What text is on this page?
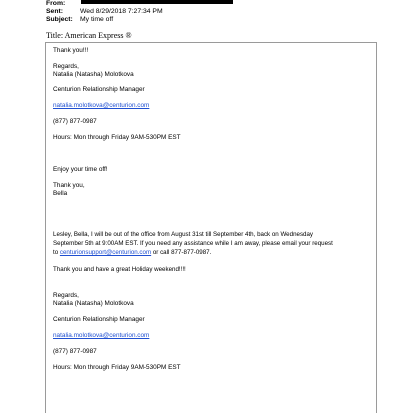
From:
Sent:	Wed 8/29/2018 7:27:34 PM
Subject: My time off
Title: American Express ®
Thank you!!!
Regards,
Natalia (Natasha) Molotkova
Centurion Relationship Manager
natalia.molotkova@centurion.com
(877) 877-0987
Hours: Mon through Friday 9AM-530PM EST
Enjoy your time off!
Thank you,
Bella
Lesley, Bella, I will be out of the office from August 31st till September 4th, back on Wednesday
September 5th at 9:00AM EST. If you need any assistance while I am away, please email your request
to centurionsupport@centurion.com or call 877-877-0987.
Thank you and have a great Holiday weekend!!!!
Regards,
Natalia (Natasha) Molotkova
Centurion Relationship Manager
natalia.molotkova@centurion.com
(877) 877-0987
Hours: Mon through Friday 9AM-530PM EST
